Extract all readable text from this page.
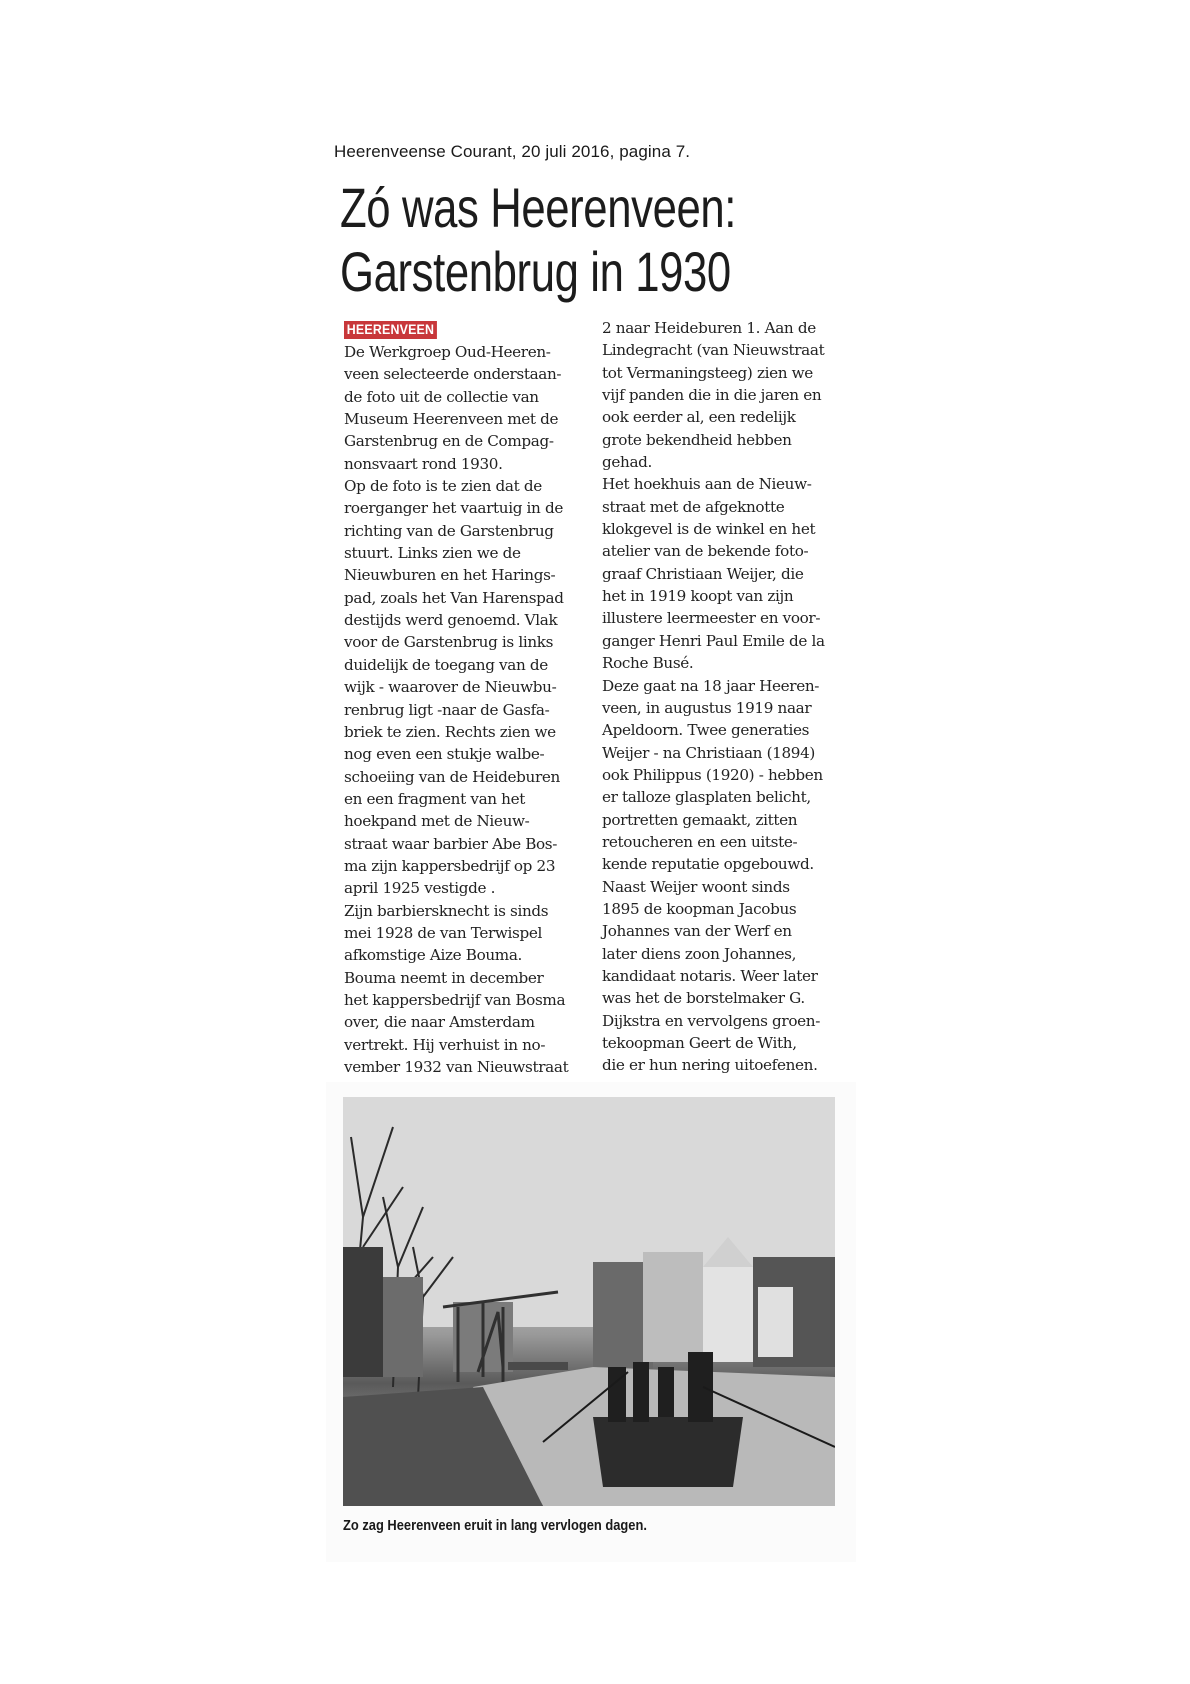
Heerenveense Courant, 20 juli 2016, pagina 7.
Zó was Heerenveen:
Garstenbrug in 1930
HEERENVEEN
De Werkgroep Oud-Heeren-
veen selecteerde onderstaan-
de foto uit de collectie van
Museum Heerenveen met de
Garstenbrug en de Compag-
nonsvaart rond 1930.
Op de foto is te zien dat de
roerganger het vaartuig in de
richting van de Garstenbrug
stuurt. Links zien we de
Nieuwburen en het Harings-
pad, zoals het Van Harenspad
destijds werd genoemd. Vlak
voor de Garstenbrug is links
duidelijk de toegang van de
wijk - waarover de Nieuwbu-
renbrug ligt -naar de Gasfa-
briek te zien. Rechts zien we
nog even een stukje walbe-
schoeiing van de Heideburen
en een fragment van het
hoekpand met de Nieuw-
straat waar barbier Abe Bos-
ma zijn kappersbedrijf op 23
april 1925 vestigde .
Zijn barbiersknecht is sinds
mei 1928 de van Terwispel
afkomstige Aize Bouma.
Bouma neemt in december
het kappersbedrijf van Bosma
over, die naar Amsterdam
vertrekt. Hij verhuist in no-
vember 1932 van Nieuwstraat
2 naar Heideburen 1. Aan de
Lindegracht (van Nieuwstraat
tot Vermaningsteeg) zien we
vijf panden die in die jaren en
ook eerder al, een redelijk
grote bekendheid hebben
gehad.
Het hoekhuis aan de Nieuw-
straat met de afgeknotte
klokgevel is de winkel en het
atelier van de bekende foto-
graaf Christiaan Weijer, die
het in 1919 koopt van zijn
illustere leermeester en voor-
ganger Henri Paul Emile de la
Roche Busé.
Deze gaat na 18 jaar Heeren-
veen, in augustus 1919 naar
Apeldoorn. Twee generaties
Weijer - na Christiaan (1894)
ook Philippus (1920) - hebben
er talloze glasplaten belicht,
portretten gemaakt, zitten
retoucheren en een uitste-
kende reputatie opgebouwd.
Naast Weijer woont sinds
1895 de koopman Jacobus
Johannes van der Werf en
later diens zoon Johannes,
kandidaat notaris. Weer later
was het de borstelmaker G.
Dijkstra en vervolgens groen-
tekoopman Geert de With,
die er hun nering uitoefenen.
Zo zag Heerenveen eruit in lang vervlogen dagen.
